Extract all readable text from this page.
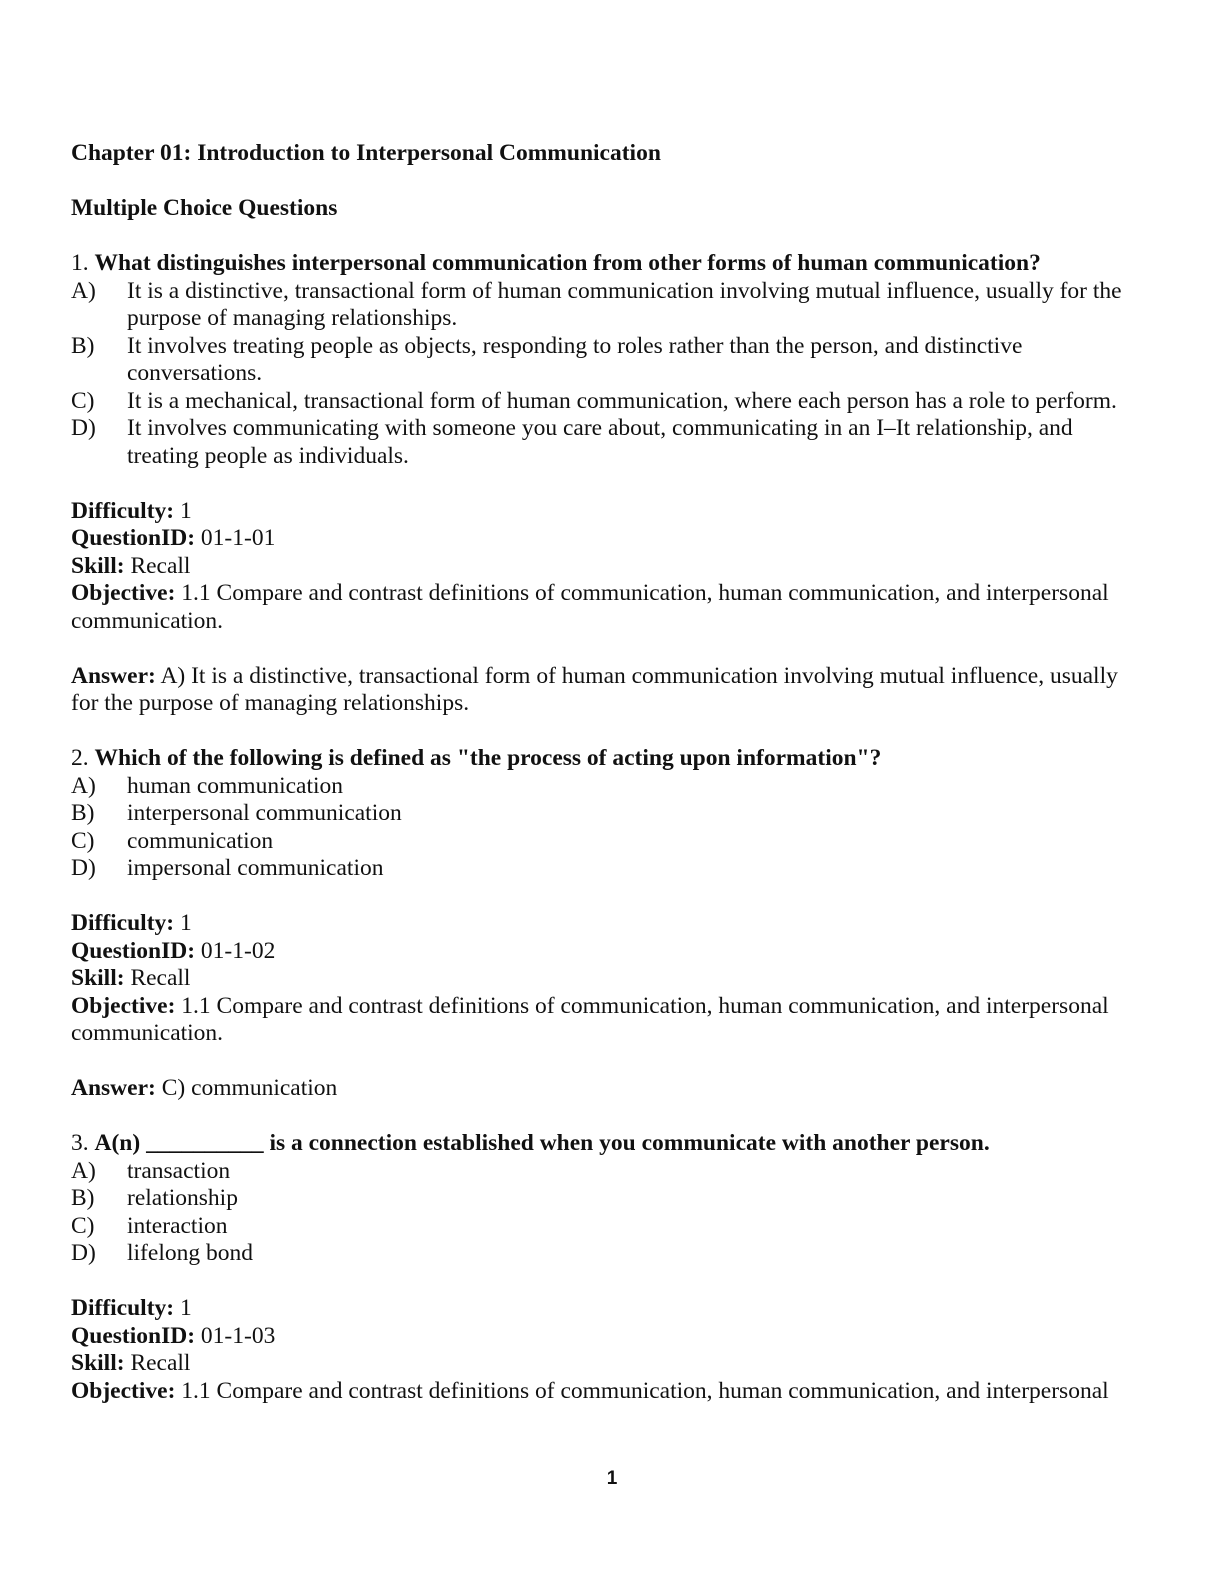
Chapter 01: Introduction to Interpersonal Communication
Multiple Choice Questions
1. What distinguishes interpersonal communication from other forms of human communication?
A) It is a distinctive, transactional form of human communication involving mutual influence, usually for the purpose of managing relationships.
B) It involves treating people as objects, responding to roles rather than the person, and distinctive conversations.
C) It is a mechanical, transactional form of human communication, where each person has a role to perform.
D) It involves communicating with someone you care about, communicating in an I–It relationship, and treating people as individuals.
Difficulty: 1
QuestionID: 01-1-01
Skill: Recall
Objective: 1.1 Compare and contrast definitions of communication, human communication, and interpersonal communication.
Answer: A) It is a distinctive, transactional form of human communication involving mutual influence, usually for the purpose of managing relationships.
2. Which of the following is defined as "the process of acting upon information"?
A) human communication
B) interpersonal communication
C) communication
D) impersonal communication
Difficulty: 1
QuestionID: 01-1-02
Skill: Recall
Objective: 1.1 Compare and contrast definitions of communication, human communication, and interpersonal communication.
Answer: C) communication
3. A(n) __________ is a connection established when you communicate with another person.
A) transaction
B) relationship
C) interaction
D) lifelong bond
Difficulty: 1
QuestionID: 01-1-03
Skill: Recall
Objective: 1.1 Compare and contrast definitions of communication, human communication, and interpersonal
1
